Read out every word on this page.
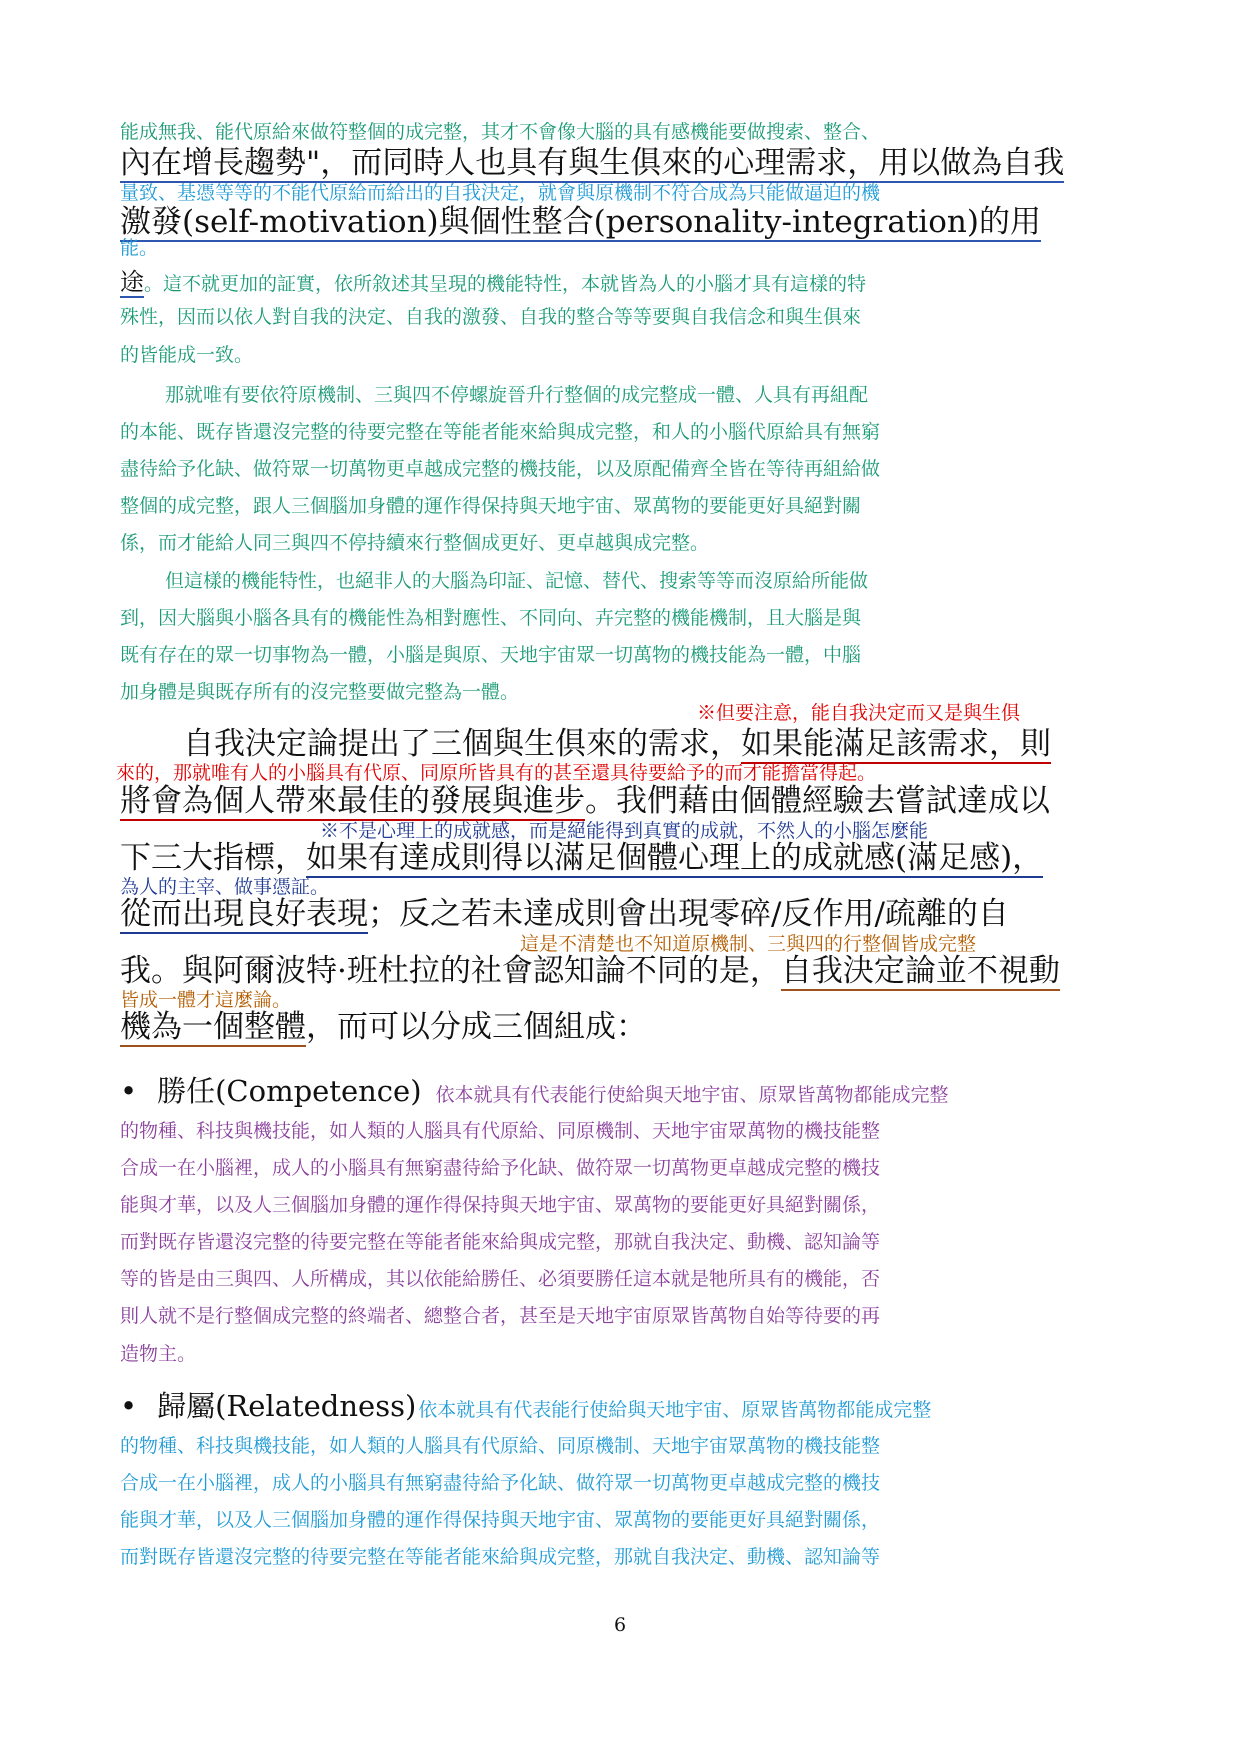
能成無我、能代原給來做符整個的成完整，其才不會像大腦的具有感機能要做搜索、整合、

內在增長趨勢"，而同時人也具有與生俱來的心理需求，用以做為自我

量致、基憑等等的不能代原給而給出的自我決定，就會與原機制不符合成為只能做逼迫的機

激發(self-motivation)與個性整合(personality-integration)的用

能。

途。這不就更加的証實，依所敘述其呈現的機能特性，本就皆為人的小腦才具有這樣的特

殊性，因而以依人對自我的決定、自我的激發、自我的整合等等要與自我信念和與生俱來

的皆能成一致。

那就唯有要依符原機制、三與四不停螺旋晉升行整個的成完整成一體、人具有再組配

的本能、既存皆還沒完整的待要完整在等能者能來給與成完整，和人的小腦代原給具有無窮

盡待給予化缺、做符眾一切萬物更卓越成完整的機技能，以及原配備齊全皆在等待再組給做

整個的成完整，跟人三個腦加身體的運作得保持與天地宇宙、眾萬物的要能更好具絕對關

係，而才能給人同三與四不停持續來行整個成更好、更卓越與成完整。

但這樣的機能特性，也絕非人的大腦為印証、記憶、替代、搜索等等而沒原給所能做

到，因大腦與小腦各具有的機能性為相對應性、不同向、卉完整的機能機制，且大腦是與

既有存在的眾一切事物為一體，小腦是與原、天地宇宙眾一切萬物的機技能為一體，中腦

加身體是與既存所有的沒完整要做完整為一體。

※但要注意，能自我決定而又是與生俱

自我決定論提出了三個與生俱來的需求，如果能滿足該需求，則

來的，那就唯有人的小腦具有代原、同原所皆具有的甚至還具待要給予的而才能擔當得起。

將會為個人帶來最佳的發展與進步。我們藉由個體經驗去嘗試達成以

※不是心理上的成就感，而是絕能得到真實的成就，不然人的小腦怎麼能

下三大指標，如果有達成則得以滿足個體心理上的成就感(滿足感)，

為人的主宰、做事憑証。

從而出現良好表現；反之若未達成則會出現零碎/反作用/疏離的自

這是不清楚也不知道原機制、三與四的行整個皆成完整

我。與阿爾波特·班杜拉的社會認知論不同的是，自我決定論並不視動

皆成一體才這麼論。

機為一個整體，而可以分成三個組成：

• 勝任(Competence) 依本就具有代表能行使給與天地宇宙、原眾皆萬物都能成完整

的物種、科技與機技能，如人類的人腦具有代原給、同原機制、天地宇宙眾萬物的機技能整

合成一在小腦裡，成人的小腦具有無窮盡待給予化缺、做符眾一切萬物更卓越成完整的機技

能與才華，以及人三個腦加身體的運作得保持與天地宇宙、眾萬物的要能更好具絕對關係，

而對既存皆還沒完整的待要完整在等能者能來給與成完整，那就自我決定、動機、認知論等

等的皆是由三與四、人所構成，其以依能給勝任、必須要勝任這本就是牠所具有的機能，否

則人就不是行整個成完整的終端者、總整合者，甚至是天地宇宙原眾皆萬物自始等待要的再

造物主。

• 歸屬(Relatedness) 依本就具有代表能行使給與天地宇宙、原眾皆萬物都能成完整

的物種、科技與機技能，如人類的人腦具有代原給、同原機制、天地宇宙眾萬物的機技能整

合成一在小腦裡，成人的小腦具有無窮盡待給予化缺、做符眾一切萬物更卓越成完整的機技

能與才華，以及人三個腦加身體的運作得保持與天地宇宙、眾萬物的要能更好具絕對關係，

而對既存皆還沒完整的待要完整在等能者能來給與成完整，那就自我決定、動機、認知論等

6
